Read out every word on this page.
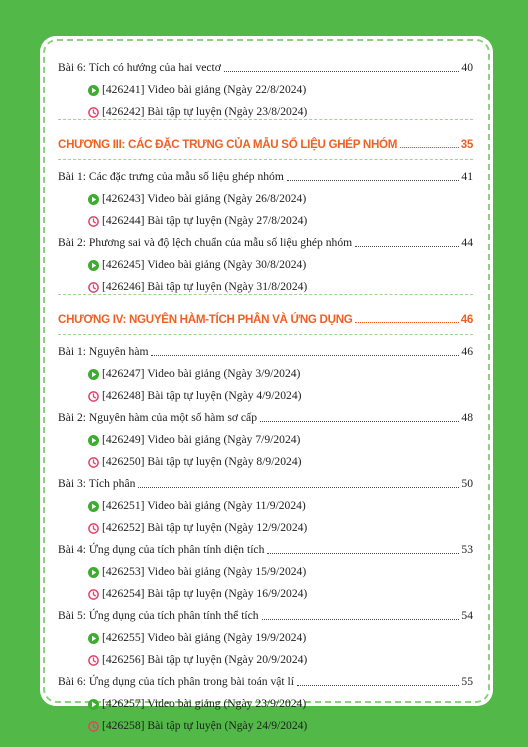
Bài 6: Tích có hướng của hai vectơ	40
[426241] Video bài giảng (Ngày 22/8/2024)
[426242] Bài tập tự luyện (Ngày 23/8/2024)
CHƯƠNG III: CÁC ĐẶC TRƯNG CỦA MẪU SỐ LIỆU GHÉP NHÓM	35
Bài 1: Các đặc trưng của mẫu số liệu ghép nhóm	41
[426243] Video bài giảng (Ngày 26/8/2024)
[426244] Bài tập tự luyện (Ngày 27/8/2024)
Bài 2: Phương sai và độ lệch chuẩn của mẫu số liệu ghép nhóm	44
[426245] Video bài giảng (Ngày 30/8/2024)
[426246] Bài tập tự luyện (Ngày 31/8/2024)
CHƯƠNG IV: NGUYÊN HÀM-TÍCH PHÂN VÀ ỨNG DỤNG	46
Bài 1: Nguyên hàm	46
[426247] Video bài giảng (Ngày 3/9/2024)
[426248] Bài tập tự luyện (Ngày 4/9/2024)
Bài 2: Nguyên hàm của một số hàm sơ cấp	48
[426249] Video bài giảng (Ngày 7/9/2024)
[426250] Bài tập tự luyện (Ngày 8/9/2024)
Bài 3: Tích phân	50
[426251] Video bài giảng (Ngày 11/9/2024)
[426252] Bài tập tự luyện (Ngày 12/9/2024)
Bài 4: Ứng dụng của tích phân tính diện tích	53
[426253] Video bài giảng (Ngày 15/9/2024)
[426254] Bài tập tự luyện (Ngày 16/9/2024)
Bài 5: Ứng dụng của tích phân tính thể tích	54
[426255] Video bài giảng (Ngày 19/9/2024)
[426256] Bài tập tự luyện (Ngày 20/9/2024)
Bài 6: Ứng dụng của tích phân trong bài toán vật lí	55
[426257] Video bài giảng (Ngày 23/9/2024)
[426258] Bài tập tự luyện (Ngày 24/9/2024)
